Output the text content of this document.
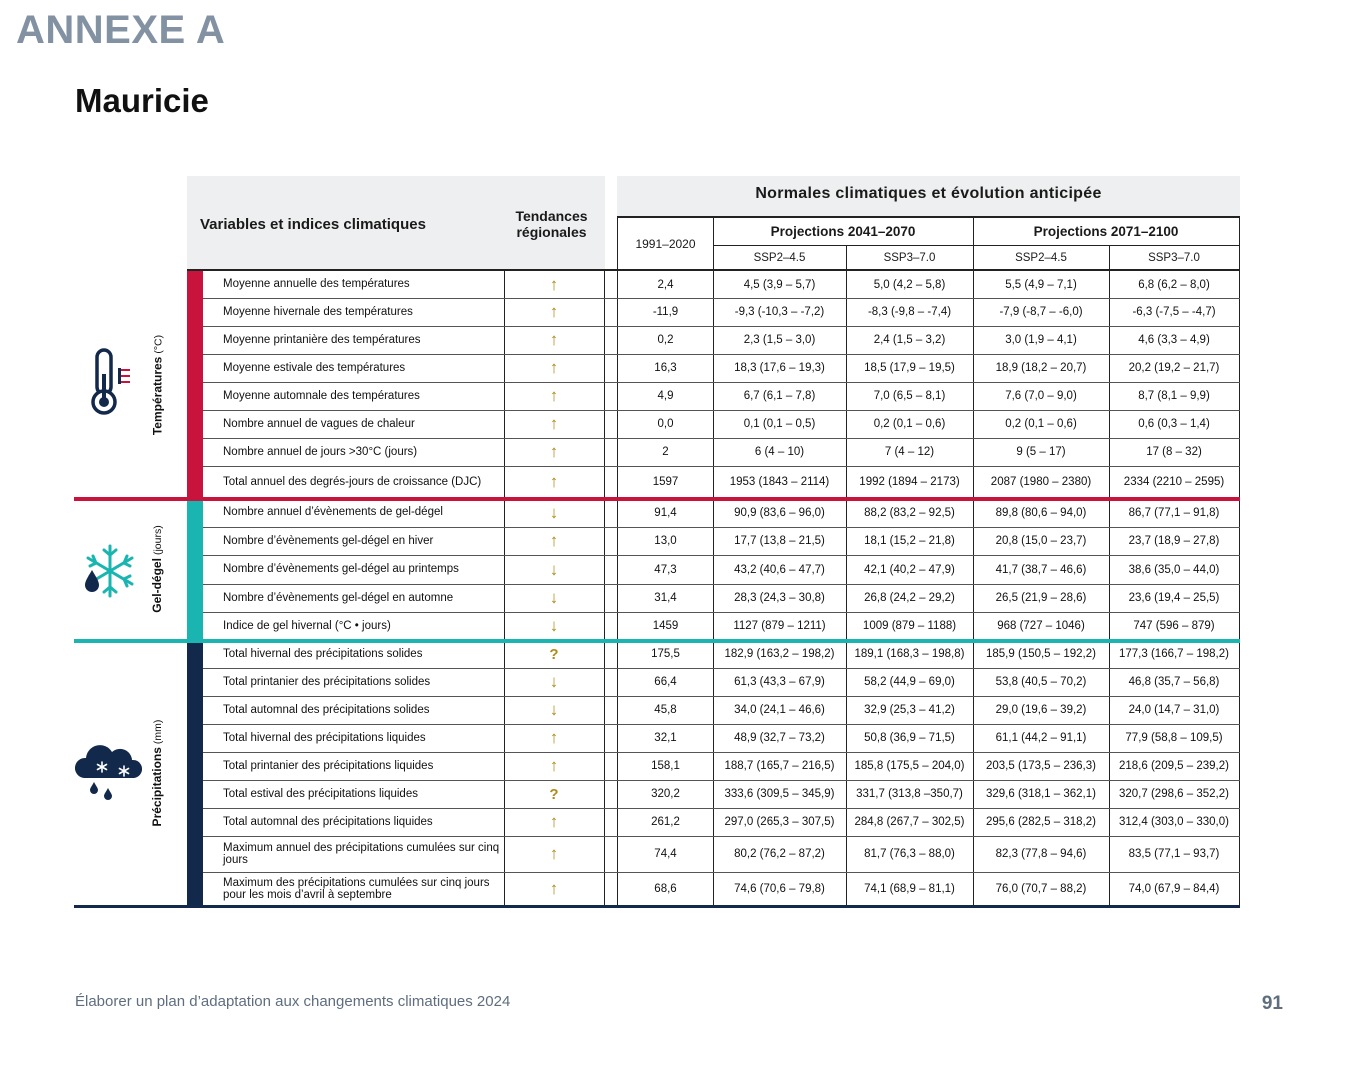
ANNEXE A
Mauricie
Variables et indices climatiques	Tendances régionales
Normales climatiques et évolution anticipée
1991–2020
Projections 2041–2070	Projections 2071–2100
SSP2–4.5	SSP3–7.0	SSP2–4.5	SSP3–7.0
Températures(°C)
Moyenne annuelle des températures	↑	2,4	4,5 (3,9 – 5,7)	5,0 (4,2 – 5,8)	5,5 (4,9 – 7,1)	6,8 (6,2 – 8,0)
Moyenne hivernale des températures	↑	-11,9	-9,3 (-10,3 – -7,2)	-8,3 (-9,8 – -7,4)	-7,9 (-8,7 – -6,0)	-6,3 (-7,5 – -4,7)
Moyenne printanière des températures	↑	0,2	2,3 (1,5 – 3,0)	2,4 (1,5 – 3,2)	3,0 (1,9 – 4,1)	4,6 (3,3 – 4,9)
Moyenne estivale des températures	↑	16,3	18,3 (17,6 – 19,3)	18,5 (17,9 – 19,5)	18,9 (18,2 – 20,7)	20,2 (19,2 – 21,7)
Moyenne automnale des températures	↑	4,9	6,7 (6,1 – 7,8)	7,0 (6,5 – 8,1)	7,6 (7,0 – 9,0)	8,7 (8,1 – 9,9)
Nombre annuel de vagues de chaleur	↑	0,0	0,1 (0,1 – 0,5)	0,2 (0,1 – 0,6)	0,2 (0,1 – 0,6)	0,6 (0,3 – 1,4)
Nombre annuel de jours >30°C (jours)	↑	2	6 (4 – 10)	7 (4 – 12)	9 (5 – 17)	17 (8 – 32)
Total annuel des degrés-jours de croissance (DJC)	↑	1597	1953 (1843 – 2114)	1992 (1894 – 2173)	2087 (1980 – 2380)	2334 (2210 – 2595)
Gel-dégel(jours)
Nombre annuel d’évènements de gel-dégel	↓	91,4	90,9 (83,6 – 96,0)	88,2 (83,2 – 92,5)	89,8 (80,6 – 94,0)	86,7 (77,1 – 91,8)
Nombre d’évènements gel-dégel en hiver	↑	13,0	17,7 (13,8 – 21,5)	18,1 (15,2 – 21,8)	20,8 (15,0 – 23,7)	23,7 (18,9 – 27,8)
Nombre d’évènements gel-dégel au printemps	↓	47,3	43,2 (40,6 – 47,7)	42,1 (40,2 – 47,9)	41,7 (38,7 – 46,6)	38,6 (35,0 – 44,0)
Nombre d’évènements gel-dégel en automne	↓	31,4	28,3 (24,3 – 30,8)	26,8 (24,2 – 29,2)	26,5 (21,9 – 28,6)	23,6 (19,4 – 25,5)
Indice de gel hivernal (°C • jours)	↓	1459	1127 (879 – 1211)	1009 (879 – 1188)	968 (727 – 1046)	747 (596 – 879)
Précipitations(mm)
Total hivernal des précipitations solides	?	175,5	182,9 (163,2 – 198,2)	189,1 (168,3 – 198,8)	185,9 (150,5 – 192,2)	177,3 (166,7 – 198,2)
Total printanier des précipitations solides	↓	66,4	61,3 (43,3 – 67,9)	58,2 (44,9 – 69,0)	53,8 (40,5 – 70,2)	46,8 (35,7 – 56,8)
Total automnal des précipitations solides	↓	45,8	34,0 (24,1 – 46,6)	32,9 (25,3 – 41,2)	29,0 (19,6 – 39,2)	24,0 (14,7 – 31,0)
Total hivernal des précipitations liquides	↑	32,1	48,9 (32,7 – 73,2)	50,8 (36,9 – 71,5)	61,1 (44,2 – 91,1)	77,9 (58,8 – 109,5)
Total printanier des précipitations liquides	↑	158,1	188,7 (165,7 – 216,5)	185,8 (175,5 – 204,0)	203,5 (173,5 – 236,3)	218,6 (209,5 – 239,2)
Total estival des précipitations liquides	?	320,2	333,6 (309,5 – 345,9)	331,7 (313,8 –350,7)	329,6 (318,1 – 362,1)	320,7 (298,6 – 352,2)
Total automnal des précipitations liquides	↑	261,2	297,0 (265,3 – 307,5)	284,8 (267,7 – 302,5)	295,6 (282,5 – 318,2)	312,4 (303,0 – 330,0)
Maximum annuel des précipitations cumulées sur cinq jours	↑	74,4	80,2 (76,2 – 87,2)	81,7 (76,3 – 88,0)	82,3 (77,8 – 94,6)	83,5 (77,1 – 93,7)
Maximum des précipitations cumulées sur cinq jours pour les mois d’avril à septembre	↑	68,6	74,6 (70,6 – 79,8)	74,1 (68,9 – 81,1)	76,0 (70,7 – 88,2)	74,0 (67,9 – 84,4)
Élaborer un plan d’adaptation aux changements climatiques 2024	91
